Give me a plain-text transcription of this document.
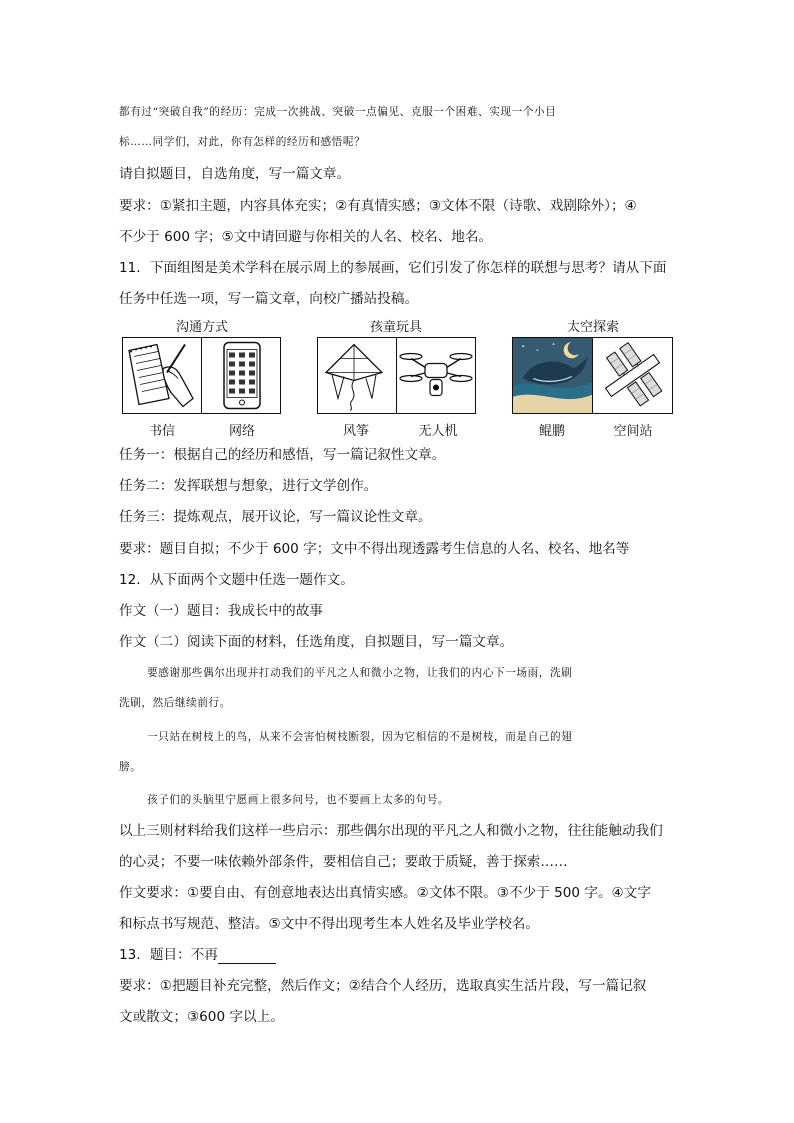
都有过“突破自我”的经历：完成一次挑战、突破一点偏见、克服一个困难、实现一个小目
标……同学们，对此，你有怎样的经历和感悟呢？
请自拟题目，自选角度，写一篇文章。
要求：①紧扣主题，内容具体充实；②有真情实感；③文体不限（诗歌、戏剧除外）；④
不少于 600 字；⑤文中请回避与你相关的人名、校名、地名。
11．下面组图是美术学科在展示周上的参展画，它们引发了你怎样的联想与思考？请从下面
任务中任选一项，写一篇文章，向校广播站投稿。
沟通方式	孩童玩具	太空探索
书信	网络	风筝	无人机	鲲鹏	空间站
任务一：根据自己的经历和感悟，写一篇记叙性文章。
任务二：发挥联想与想象，进行文学创作。
任务三：提炼观点，展开议论，写一篇议论性文章。
要求：题目自拟；不少于 600 字；文中不得出现透露考生信息的人名、校名、地名等
12．从下面两个文题中任选一题作文。
作文（一）题目：我成长中的故事
作文（二）阅读下面的材料，任选角度，自拟题目，写一篇文章。
要感谢那些偶尔出现并打动我们的平凡之人和微小之物，让我们的内心下一场雨，洗刷
洗刷，然后继续前行。
一只站在树枝上的鸟，从来不会害怕树枝断裂，因为它相信的不是树枝，而是自己的翅
膀。
孩子们的头脑里宁愿画上很多问号，也不要画上太多的句号。
以上三则材料给我们这样一些启示：那些偶尔出现的平凡之人和微小之物，往往能触动我们
的心灵；不要一味依赖外部条件，要相信自己；要敢于质疑，善于探索……
作文要求：①要自由、有创意地表达出真情实感。②文体不限。③不少于 500 字。④文字
和标点书写规范、整洁。⑤文中不得出现考生本人姓名及毕业学校名。
13．题目：不再
要求：①把题目补充完整，然后作文；②结合个人经历，选取真实生活片段，写一篇记叙
文或散文；③600 字以上。
